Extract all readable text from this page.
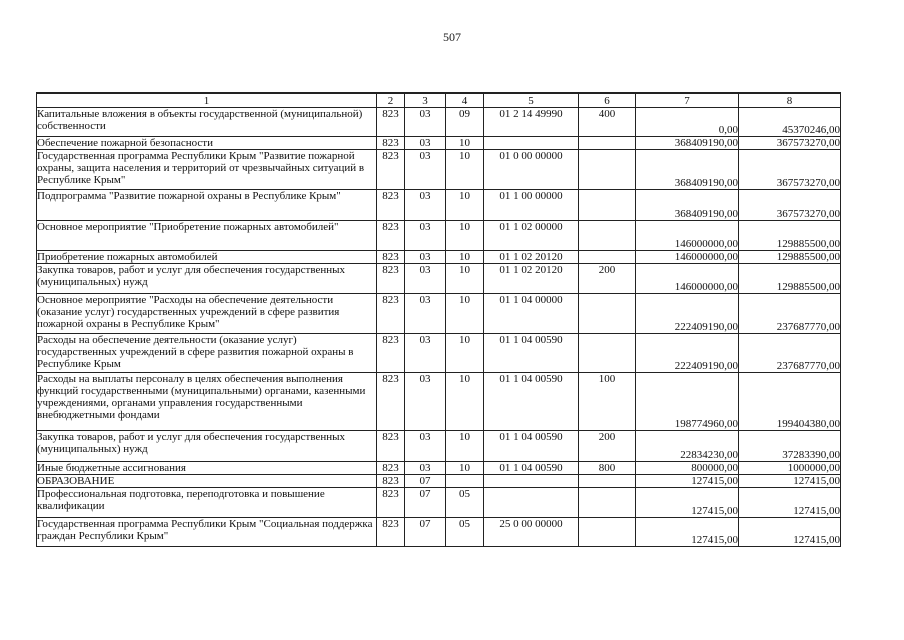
507
1	2	3	4	5	6	7	8
Капитальные вложения в объекты государственной (муниципальной) собственности	823	03	09	01 2 14 49990	400	0,00	45370246,00
Обеспечение пожарной безопасности	823	03	10			368409190,00	367573270,00
Государственная программа Республики Крым "Развитие пожарной охраны, защита населения и территорий от чрезвычайных ситуаций в Республике Крым"	823	03	10	01 0 00 00000		368409190,00	367573270,00
Подпрограмма "Развитие пожарной охраны в Республике Крым"	823	03	10	01 1 00 00000		368409190,00	367573270,00
Основное мероприятие "Приобретение пожарных автомобилей"	823	03	10	01 1 02 00000		146000000,00	129885500,00
Приобретение пожарных автомобилей	823	03	10	01 1 02 20120		146000000,00	129885500,00
Закупка товаров, работ и услуг для обеспечения государственных (муниципальных) нужд	823	03	10	01 1 02 20120	200	146000000,00	129885500,00
Основное мероприятие "Расходы на обеспечение деятельности (оказание услуг) государственных учреждений в сфере развития пожарной охраны в Республике Крым"	823	03	10	01 1 04 00000		222409190,00	237687770,00
Расходы на обеспечение деятельности (оказание услуг) государственных учреждений в сфере развития пожарной охраны в Республике Крым	823	03	10	01 1 04 00590		222409190,00	237687770,00
Расходы на выплаты персоналу в целях обеспечения выполнения функций государственными (муниципальными) органами, казенными учреждениями, органами управления государственными внебюджетными фондами	823	03	10	01 1 04 00590	100	198774960,00	199404380,00
Закупка товаров, работ и услуг для обеспечения государственных (муниципальных) нужд	823	03	10	01 1 04 00590	200	22834230,00	37283390,00
Иные бюджетные ассигнования	823	03	10	01 1 04 00590	800	800000,00	1000000,00
ОБРАЗОВАНИЕ	823	07				127415,00	127415,00
Профессиональная подготовка, переподготовка и повышение квалификации	823	07	05			127415,00	127415,00
Государственная программа Республики Крым "Социальная поддержка граждан Республики Крым"	823	07	05	25 0 00 00000		127415,00	127415,00
